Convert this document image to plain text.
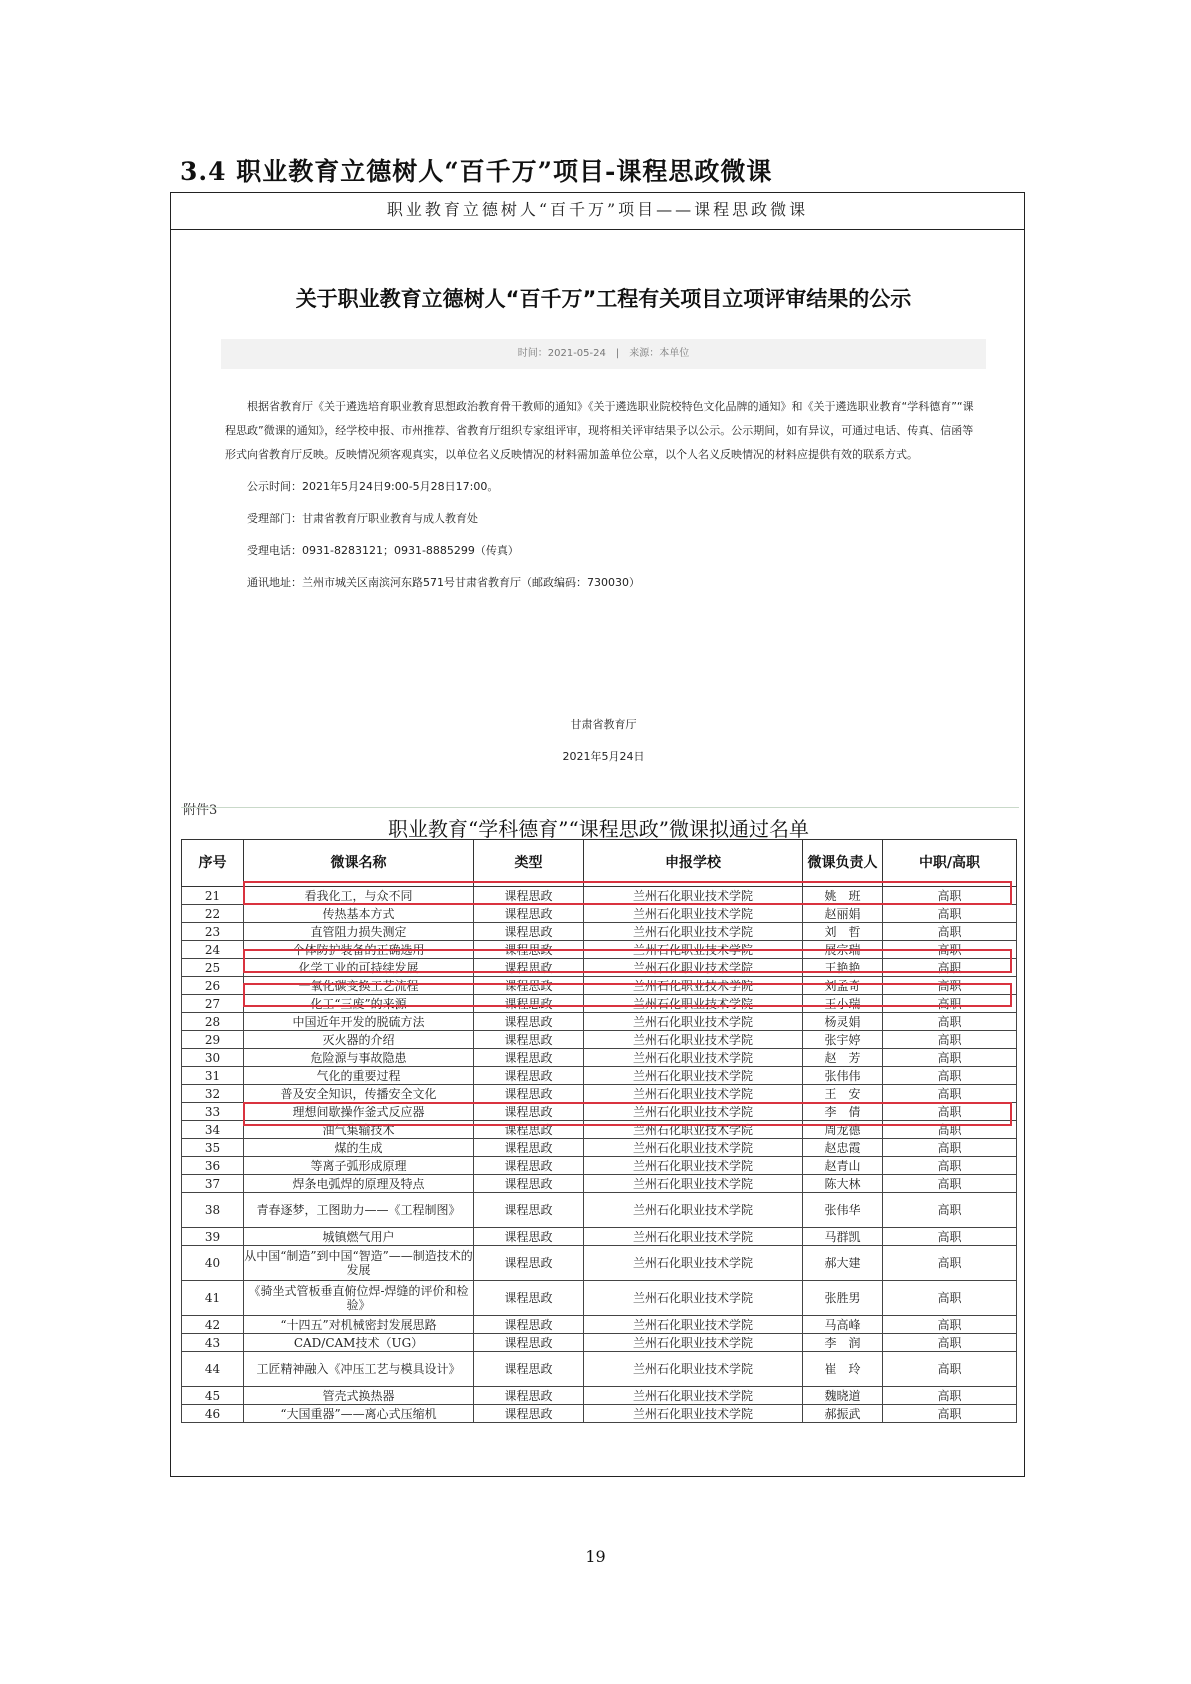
3.4 职业教育立德树人“百千万”项目-课程思政微课
职业教育立德树人“百千万”项目——课程思政微课
关于职业教育立德树人“百千万”工程有关项目立项评审结果的公示
时间：2021-05-24　|　来源：本单位
根据省教育厅《关于遴选培育职业教育思想政治教育骨干教师的通知》《关于遴选职业院校特色文化品牌的通知》和《关于遴选职业教育“学科德育”“课程思政”微课的通知》，经学校申报、市州推荐、省教育厅组织专家组评审，现将相关评审结果予以公示。公示期间，如有异议，可通过电话、传真、信函等形式向省教育厅反映。反映情况须客观真实，以单位名义反映情况的材料需加盖单位公章，以个人名义反映情况的材料应提供有效的联系方式。
公示时间：2021年5月24日9:00-5月28日17:00。
受理部门：甘肃省教育厅职业教育与成人教育处
受理电话：0931-8283121；0931-8885299（传真）
通讯地址：兰州市城关区南滨河东路571号甘肃省教育厅（邮政编码：730030）
甘肃省教育厅
2021年5月24日
附件3
职业教育“学科德育”“课程思政”微课拟通过名单
序号	微课名称	类型	申报学校	微课负责人	中职/高职
21	看我化工，与众不同	课程思政	兰州石化职业技术学院	姚　班	高职
22	传热基本方式	课程思政	兰州石化职业技术学院	赵丽娟	高职
23	直管阻力损失测定	课程思政	兰州石化职业技术学院	刘　哲	高职
24	个体防护装备的正确选用	课程思政	兰州石化职业技术学院	展宗瑞	高职
25	化学工业的可持续发展	课程思政	兰州石化职业技术学院	王艳艳	高职
26	一氧化碳变换工艺流程	课程思政	兰州石化职业技术学院	刘孟奇	高职
27	化工“三废”的来源	课程思政	兰州石化职业技术学院	王小瑞	高职
28	中国近年开发的脱硫方法	课程思政	兰州石化职业技术学院	杨灵娟	高职
29	灭火器的介绍	课程思政	兰州石化职业技术学院	张宇婷	高职
30	危险源与事故隐患	课程思政	兰州石化职业技术学院	赵　芳	高职
31	气化的重要过程	课程思政	兰州石化职业技术学院	张伟伟	高职
32	普及安全知识，传播安全文化	课程思政	兰州石化职业技术学院	王　安	高职
33	理想间歇操作釜式反应器	课程思政	兰州石化职业技术学院	李　倩	高职
34	油气集输技术	课程思政	兰州石化职业技术学院	周龙德	高职
35	煤的生成	课程思政	兰州石化职业技术学院	赵忠霞	高职
36	等离子弧形成原理	课程思政	兰州石化职业技术学院	赵青山	高职
37	焊条电弧焊的原理及特点	课程思政	兰州石化职业技术学院	陈大林	高职
38	青春逐梦，工图助力——《工程制图》	课程思政	兰州石化职业技术学院	张伟华	高职
39	城镇燃气用户	课程思政	兰州石化职业技术学院	马群凯	高职
40	从中国“制造”到中国“智造”——制造技术的发展	课程思政	兰州石化职业技术学院	郝大建	高职
41	《骑坐式管板垂直俯位焊-焊缝的评价和检验》	课程思政	兰州石化职业技术学院	张胜男	高职
42	“十四五”对机械密封发展思路	课程思政	兰州石化职业技术学院	马高峰	高职
43	CAD/CAM技术（UG）	课程思政	兰州石化职业技术学院	李　润	高职
44	工匠精神融入《冲压工艺与模具设计》	课程思政	兰州石化职业技术学院	崔　玲	高职
45	管壳式换热器	课程思政	兰州石化职业技术学院	魏晓道	高职
46	“大国重器”——离心式压缩机	课程思政	兰州石化职业技术学院	郝振武	高职
19
